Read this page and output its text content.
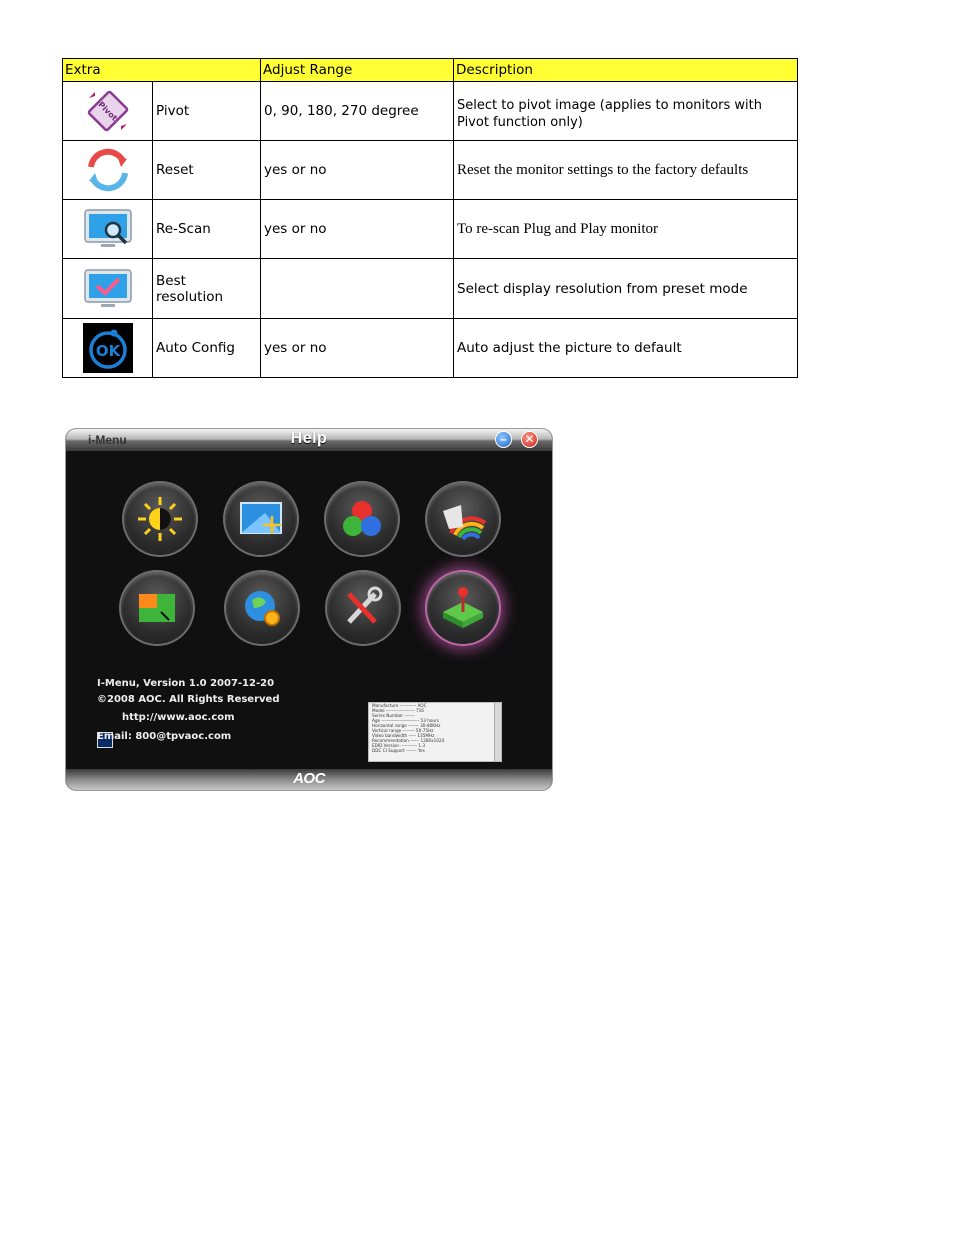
Extra		Adjust Range	Description

Pivot	Pivot	0, 90, 180, 270 degree	Select to pivot image (applies to monitors with Pivot function only)

	Reset	yes or no	Reset the monitor settings to the factory defaults

	Re-Scan	yes or no	To re-scan Plug and Play monitor

	Best resolution		Select display resolution from preset mode

OK	Auto Config	yes or no	Auto adjust the picture to default
i-Menu	Help	–	✕
I-Menu, Version 1.0 2007-12-20
©2008 AOC. All Rights Reserved
http://www.aoc.com
Email: 800@tpvaoc.com
Manufacture ----------- AOC
Model ------------------- 716
Series Number -------
Age ------------------------- 53 hours
Horizontal range ------- 30-80KHz
Vertical range -------- 50-75Hz
Video bandwidth ----- 135MHz
Recommendation ------ 1280x1024
EDID Version ----------- 1.3
DDC CI Support ------- Yes
AOC
